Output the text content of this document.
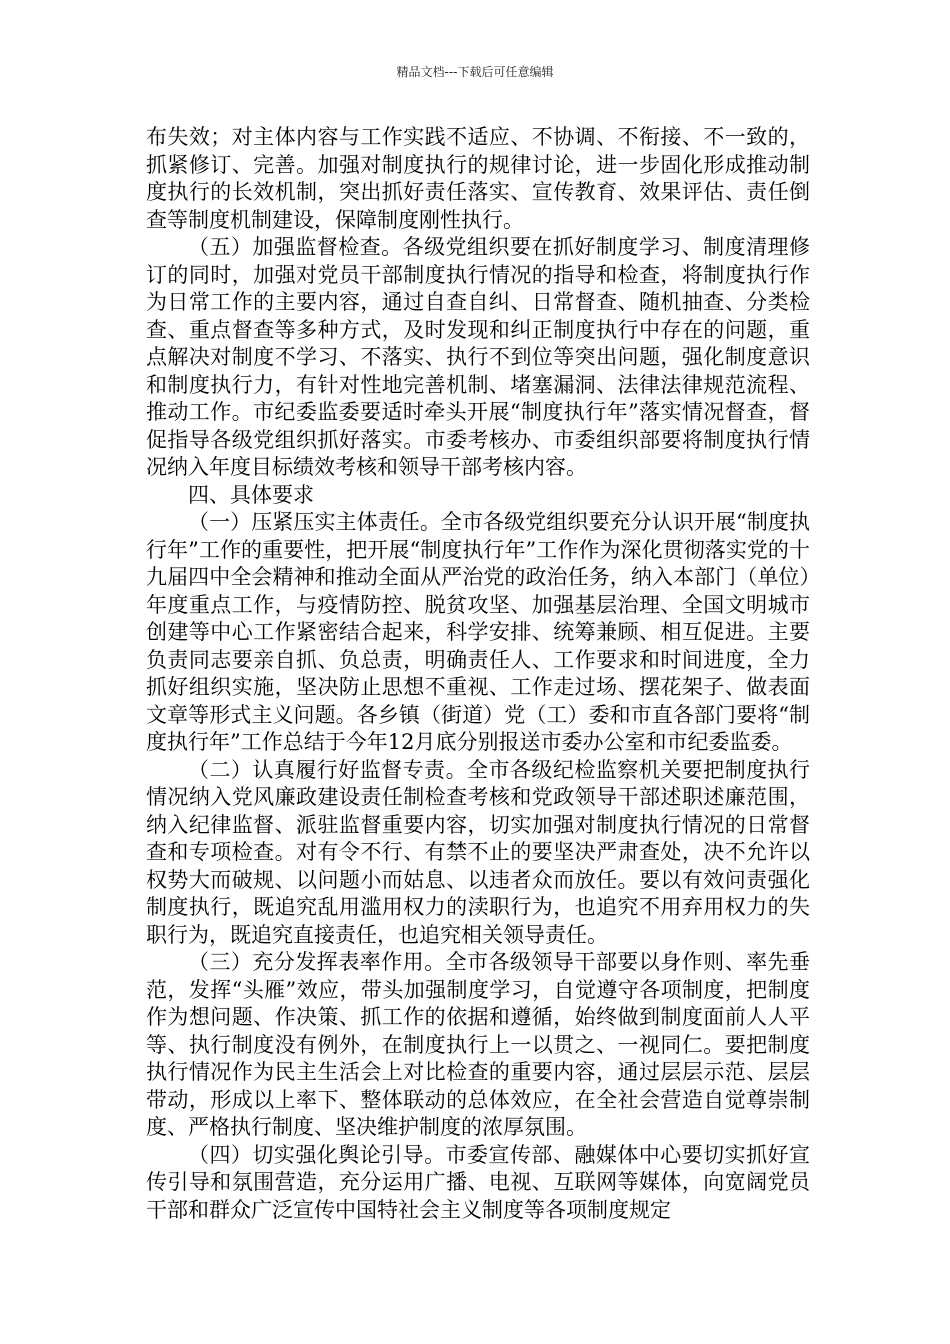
精品文档---下载后可任意编辑

布失效；对主体内容与工作实践不适应、不协调、不衔接、不一致的，抓紧修订、完善。加强对制度执行的规律讨论，进一步固化形成推动制度执行的长效机制，突出抓好责任落实、宣传教育、效果评估、责任倒查等制度机制建设，保障制度刚性执行。

（五）加强监督检查。各级党组织要在抓好制度学习、制度清理修订的同时，加强对党员干部制度执行情况的指导和检查，将制度执行作为日常工作的主要内容，通过自查自纠、日常督查、随机抽查、分类检查、重点督查等多种方式，及时发现和纠正制度执行中存在的问题，重点解决对制度不学习、不落实、执行不到位等突出问题，强化制度意识和制度执行力，有针对性地完善机制、堵塞漏洞、法律法律规范流程、推动工作。市纪委监委要适时牵头开展“制度执行年”落实情况督查，督促指导各级党组织抓好落实。市委考核办、市委组织部要将制度执行情况纳入年度目标绩效考核和领导干部考核内容。

四、具体要求

（一）压紧压实主体责任。全市各级党组织要充分认识开展“制度执行年”工作的重要性，把开展“制度执行年”工作作为深化贯彻落实党的十九届四中全会精神和推动全面从严治党的政治任务，纳入本部门（单位）年度重点工作，与疫情防控、脱贫攻坚、加强基层治理、全国文明城市创建等中心工作紧密结合起来，科学安排、统筹兼顾、相互促进。主要负责同志要亲自抓、负总责，明确责任人、工作要求和时间进度，全力抓好组织实施，坚决防止思想不重视、工作走过场、摆花架子、做表面文章等形式主义问题。各乡镇（街道）党（工）委和市直各部门要将“制度执行年”工作总结于今年12月底分别报送市委办公室和市纪委监委。

（二）认真履行好监督专责。全市各级纪检监察机关要把制度执行情况纳入党风廉政建设责任制检查考核和党政领导干部述职述廉范围，纳入纪律监督、派驻监督重要内容，切实加强对制度执行情况的日常督查和专项检查。对有令不行、有禁不止的要坚决严肃查处，决不允许以权势大而破规、以问题小而姑息、以违者众而放任。要以有效问责强化制度执行，既追究乱用滥用权力的渎职行为，也追究不用弃用权力的失职行为，既追究直接责任，也追究相关领导责任。

（三）充分发挥表率作用。全市各级领导干部要以身作则、率先垂范，发挥“头雁”效应，带头加强制度学习，自觉遵守各项制度，把制度作为想问题、作决策、抓工作的依据和遵循，始终做到制度面前人人平等、执行制度没有例外，在制度执行上一以贯之、一视同仁。要把制度执行情况作为民主生活会上对比检查的重要内容，通过层层示范、层层带动，形成以上率下、整体联动的总体效应，在全社会营造自觉尊崇制度、严格执行制度、坚决维护制度的浓厚氛围。

（四）切实强化舆论引导。市委宣传部、融媒体中心要切实抓好宣传引导和氛围营造，充分运用广播、电视、互联网等媒体，向宽阔党员干部和群众广泛宣传中国特社会主义制度等各项制度规定
